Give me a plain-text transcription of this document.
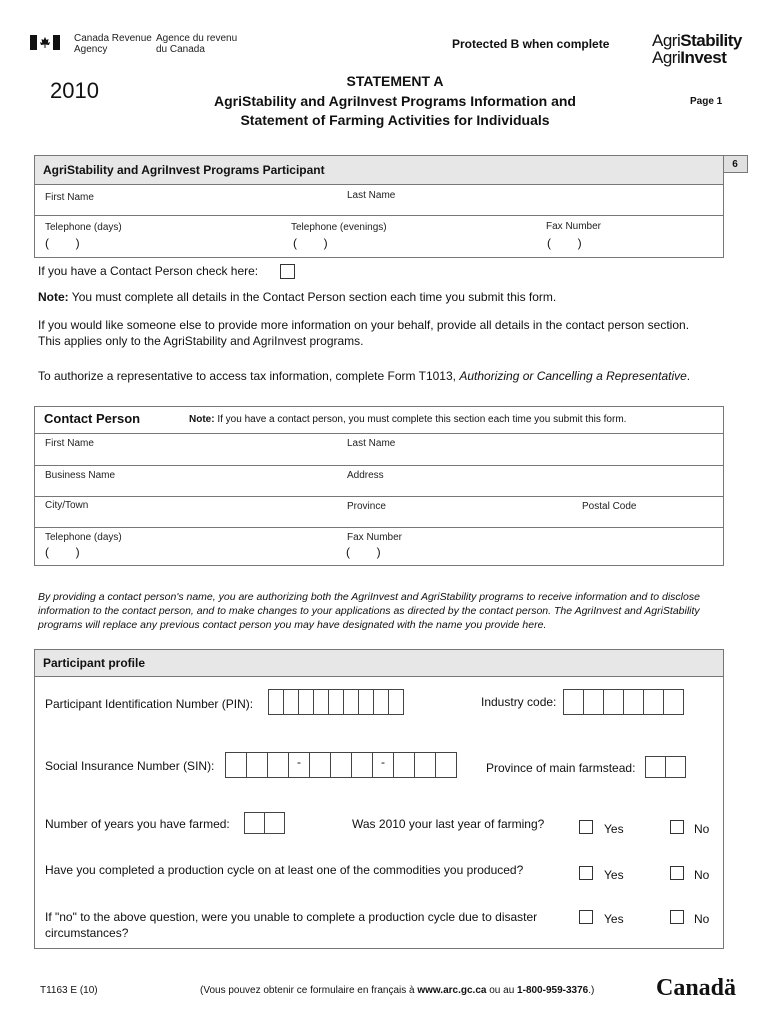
Canada Revenue
Agency
Agence du revenu
du Canada	Protected B when complete	AgriStability
AgriInvest
2010	STATEMENT A
AgriStability and AgriInvest Programs Information and
Statement of Farming Activities for Individuals
Page 1
6
AgriStability and AgriInvest Programs Participant
First Name	Last Name
Telephone (days)	Telephone (evenings)	Fax Number
(        )	(        )	(        )
If you have a Contact Person check here:
Note: You must complete all details in the Contact Person section each time you submit this form.
If you would like someone else to provide more information on your behalf, provide all details in the contact person section. This applies only to the AgriStability and AgriInvest programs.
To authorize a representative to access tax information, complete Form T1013, Authorizing or Cancelling a Representative.
Contact Person	Note: If you have a contact person, you must complete this section each time you submit this form.
First Name	Last Name
Business Name	Address
City/Town	Province	Postal Code
Telephone (days)	Fax Number
(        )	(        )
By providing a contact person's name, you are authorizing both the AgriInvest and AgriStability programs to receive information and to disclose information to the contact person, and to make changes to your applications as directed by the contact person. The AgriInvest and AgriStability programs will replace any previous contact person you may have designated with the name you provide here.
Participant profile
Participant Identification Number (PIN):	Industry code:
Social Insurance Number (SIN):	-	-	Province of main farmstead:
Number of years you have farmed:	Was 2010 your last year of farming?	Yes	No
Have you completed a production cycle on at least one of the commodities you produced?	Yes	No
If "no" to the above question, were you unable to complete a production cycle due to disaster circumstances?
Yes	No
T1163 E (10)	(Vous pouvez obtenir ce formulaire en français à www.arc.gc.ca ou au 1-800-959-3376.)	Canadä
